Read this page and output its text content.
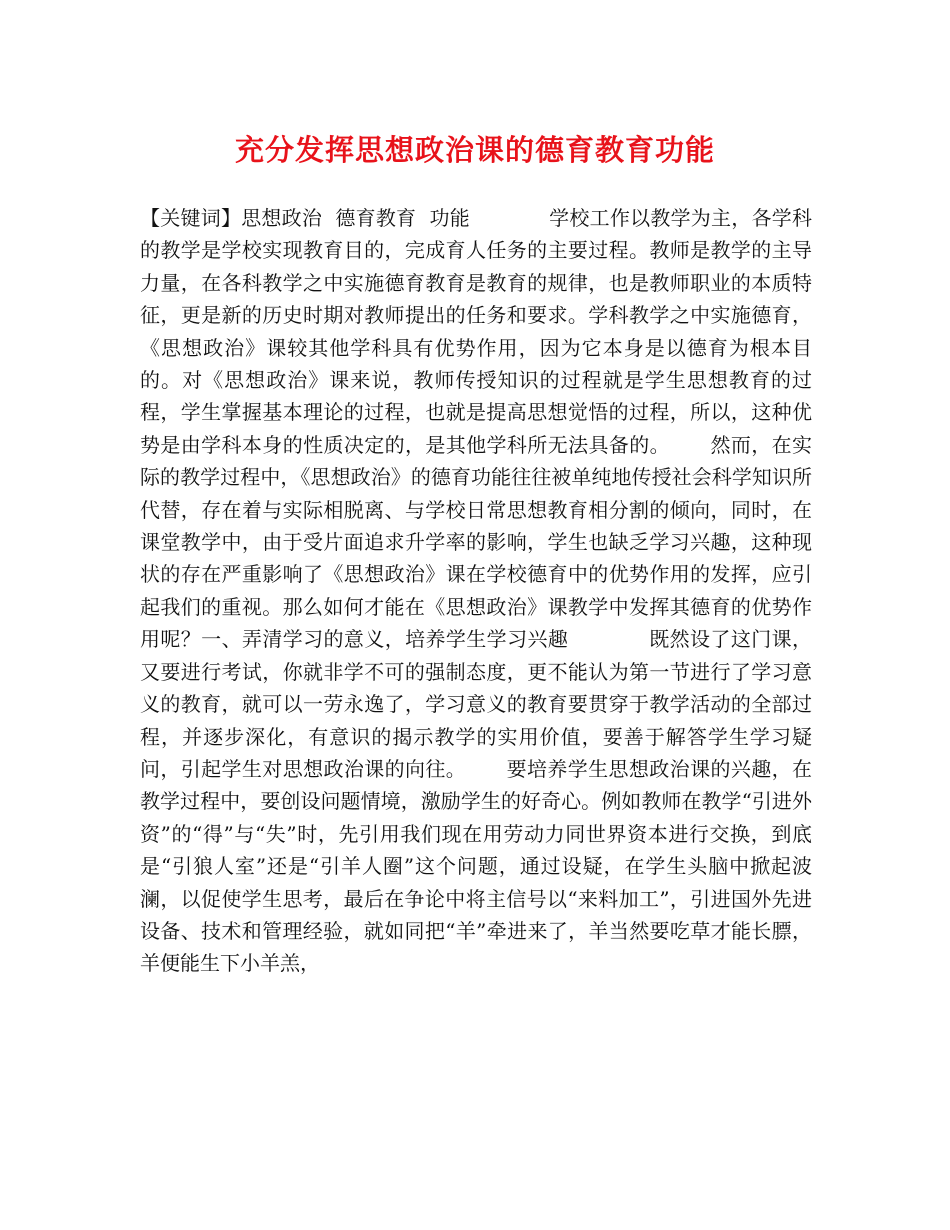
充分发挥思想政治课的德育教育功能

【关键词】思想政治  德育教育  功能            学校工作以教学为主，各学科的教学是学校实现教育目的，完成育人任务的主要过程。教师是教学的主导力量，在各科教学之中实施德育教育是教育的规律，也是教师职业的本质特征，更是新的历史时期对教师提出的任务和要求。学科教学之中实施德育，《思想政治》课较其他学科具有优势作用，因为它本身是以德育为根本目的。对《思想政治》课来说，教师传授知识的过程就是学生思想教育的过程，学生掌握基本理论的过程，也就是提高思想觉悟的过程，所以，这种优势是由学科本身的性质决定的，是其他学科所无法具备的。      然而，在实际的教学过程中，《思想政治》的德育功能往往被单纯地传授社会科学知识所代替，存在着与实际相脱离、与学校日常思想教育相分割的倾向，同时，在课堂教学中，由于受片面追求升学率的影响，学生也缺乏学习兴趣，这种现状的存在严重影响了《思想政治》课在学校德育中的优势作用的发挥，应引起我们的重视。那么如何才能在《思想政治》课教学中发挥其德育的优势作用呢？一、弄清学习的意义，培养学生学习兴趣            既然设了这门课，又要进行考试，你就非学不可的强制态度，更不能认为第一节进行了学习意义的教育，就可以一劳永逸了，学习意义的教育要贯穿于教学活动的全部过程，并逐步深化，有意识的揭示教学的实用价值，要善于解答学生学习疑问，引起学生对思想政治课的向往。      要培养学生思想政治课的兴趣，在教学过程中，要创设问题情境，激励学生的好奇心。例如教师在教学“引进外资”的“得”与“失”时，先引用我们现在用劳动力同世界资本进行交换，到底是“引狼人室”还是“引羊人圈”这个问题，通过设疑，在学生头脑中掀起波澜，以促使学生思考，最后在争论中将主信号以“来料加工”，引进国外先进设备、技术和管理经验，就如同把“羊”牵进来了，羊当然要吃草才能长膘，羊便能生下小羊羔，
